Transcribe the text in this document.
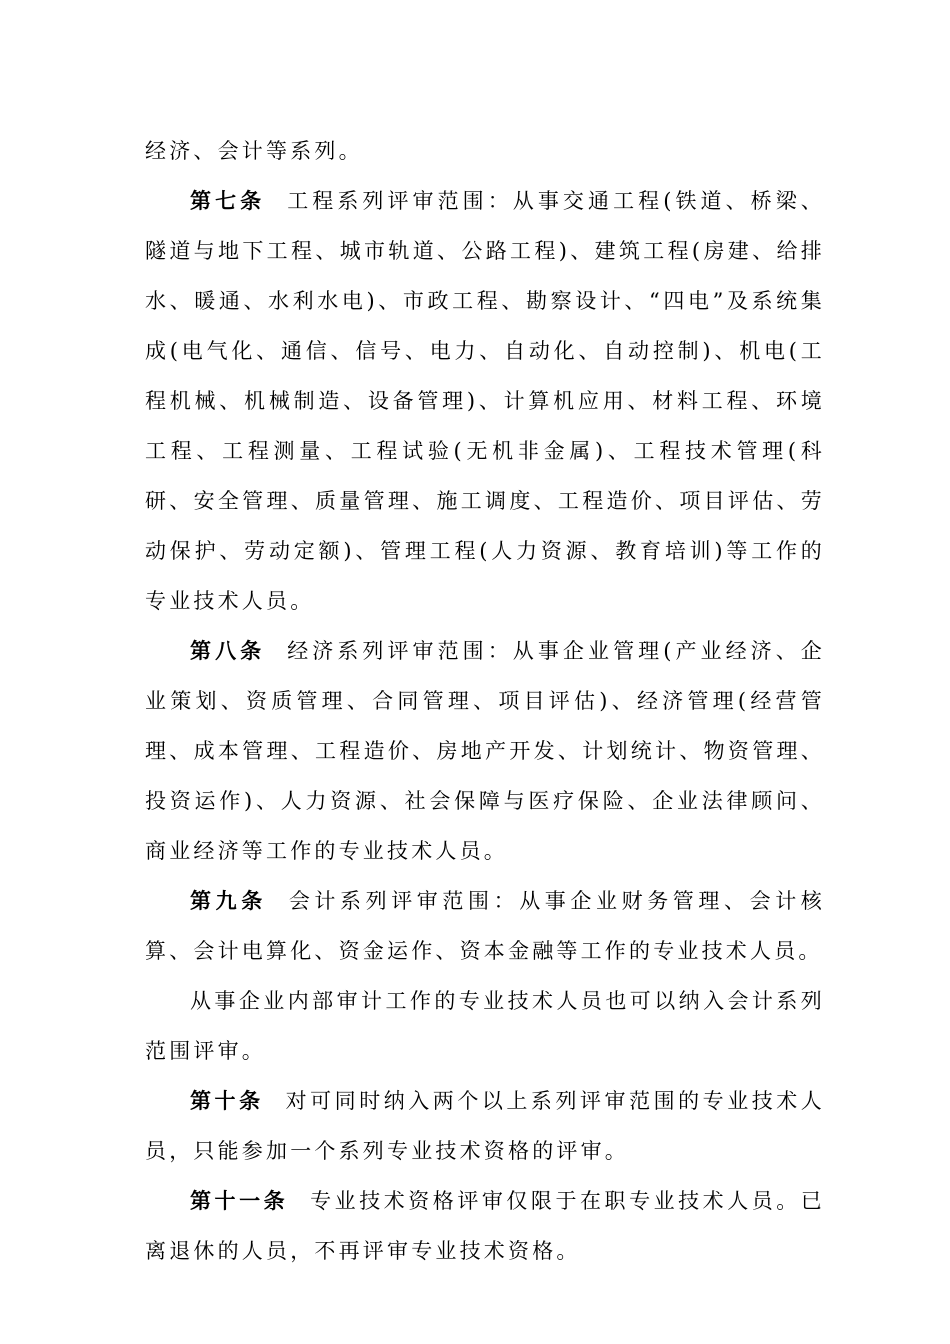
经济、会计等系列。

第七条 工程系列评审范围：从事交通工程(铁道、桥梁、隧道与地下工程、城市轨道、公路工程)、建筑工程(房建、给排水、暖通、水利水电)、市政工程、勘察设计、“四电”及系统集成(电气化、通信、信号、电力、自动化、自动控制)、机电(工程机械、机械制造、设备管理)、计算机应用、材料工程、环境工程、工程测量、工程试验(无机非金属)、工程技术管理(科研、安全管理、质量管理、施工调度、工程造价、项目评估、劳动保护、劳动定额)、管理工程(人力资源、教育培训)等工作的专业技术人员。

第八条 经济系列评审范围：从事企业管理(产业经济、企业策划、资质管理、合同管理、项目评估)、经济管理(经营管理、成本管理、工程造价、房地产开发、计划统计、物资管理、投资运作)、人力资源、社会保障与医疗保险、企业法律顾问、商业经济等工作的专业技术人员。

第九条 会计系列评审范围：从事企业财务管理、会计核算、会计电算化、资金运作、资本金融等工作的专业技术人员。

从事企业内部审计工作的专业技术人员也可以纳入会计系列范围评审。

第十条 对可同时纳入两个以上系列评审范围的专业技术人员，只能参加一个系列专业技术资格的评审。

第十一条 专业技术资格评审仅限于在职专业技术人员。已离退休的人员，不再评审专业技术资格。
